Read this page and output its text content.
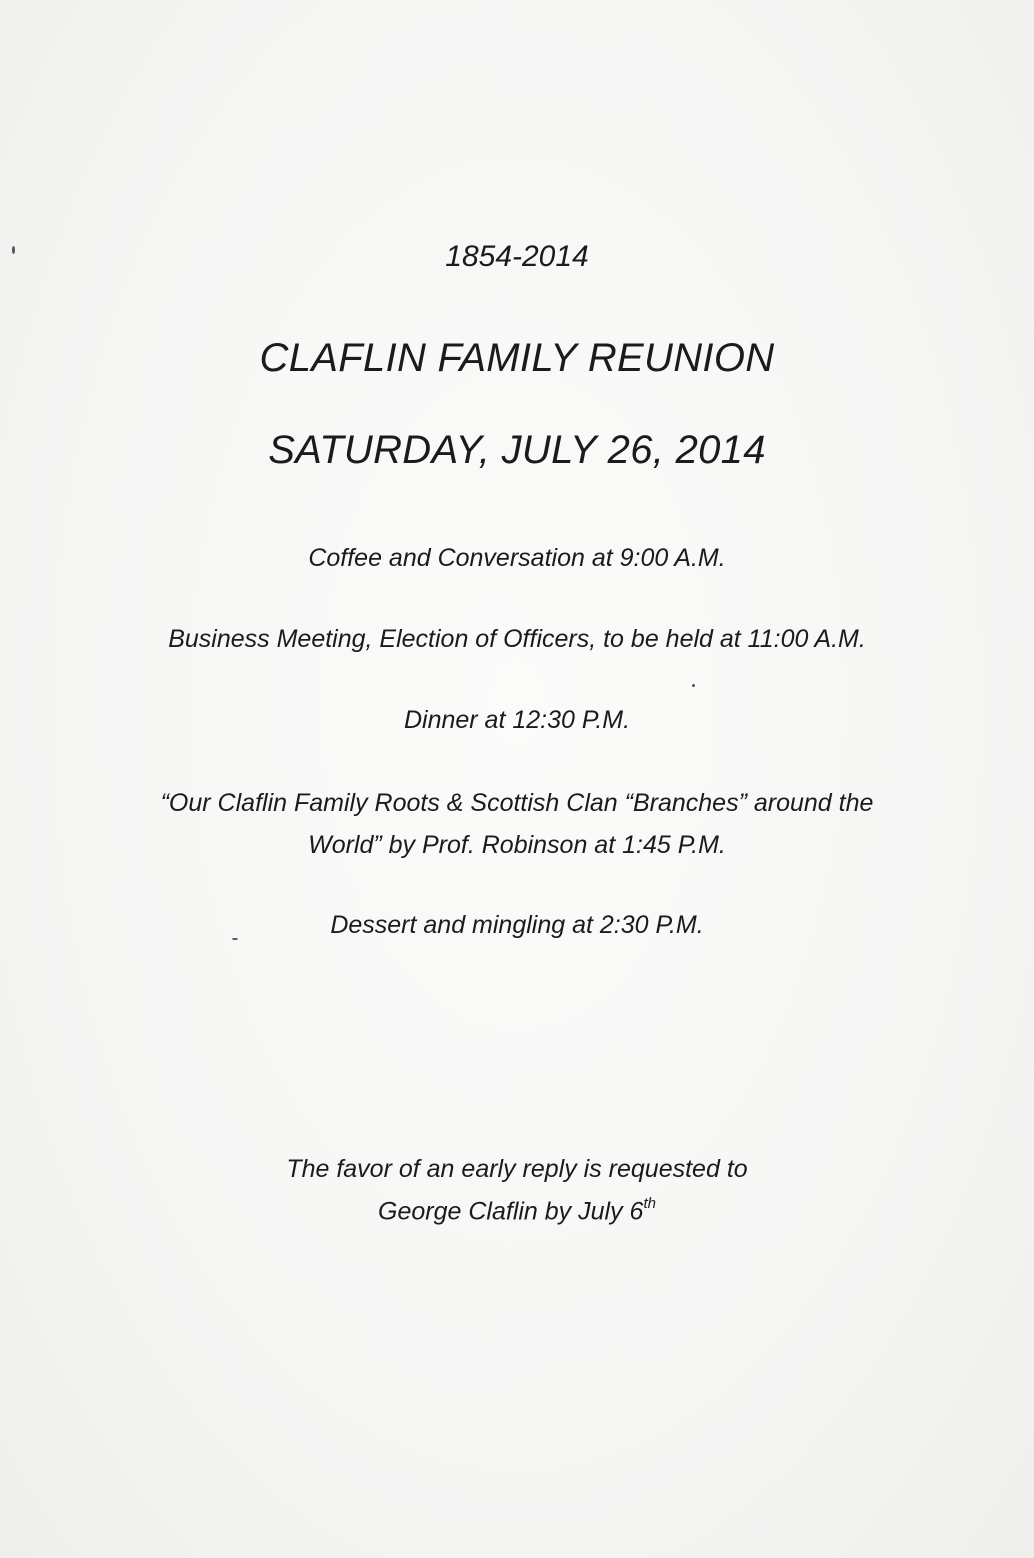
1854-2014
CLAFLIN FAMILY REUNION
SATURDAY, JULY 26, 2014
Coffee and Conversation at 9:00 A.M.
Business Meeting, Election of Officers, to be held at 11:00 A.M.
Dinner at 12:30 P.M.
“Our Claflin Family Roots & Scottish Clan “Branches” around the
World” by Prof. Robinson at 1:45 P.M.
Dessert and mingling at 2:30 P.M.
The favor of an early reply is requested to
George Claflin by July 6th
